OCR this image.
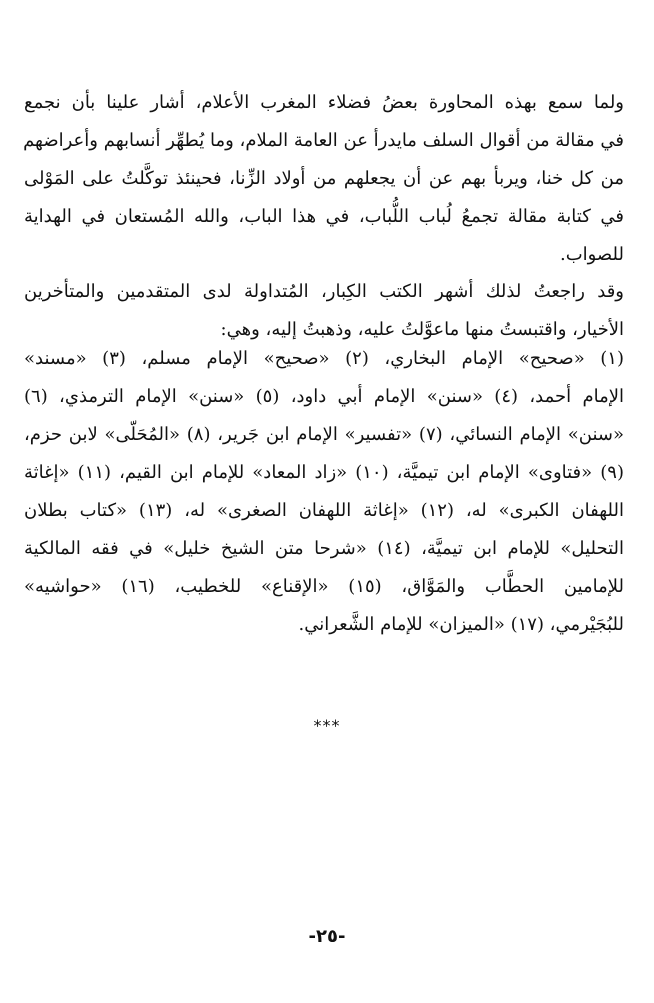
ولما سمع بهذه المحاورة بعضُ فضلاء المغرب الأعلام، أشار علينا بأن نجمع
في مقالة من أقوال السلف مايدرأ عن العامة الملام، وما يُطهِّر أنسابهم وأعراضهم
من كل خنا، ويربأ بهم عن أن يجعلهم من أولاد الزِّنا، فحينئذ توكَّلتُ على المَوْلى
في كتابة مقالة تجمعُ لُباب اللُّباب، في هذا الباب، والله المُستعان في الهداية
للصواب.
وقد راجعتُ لذلك أشهر الكتب الكِبار، المُتداولة لدى المتقدمين والمتأخرين
الأخيار، واقتبستُ منها ماعوَّلتُ عليه، وذهبتُ إليه، وهي:
(١) «صحيح» الإمام البخاري، (٢) «صحيح» الإمام مسلم، (٣) «مسند»
الإمام أحمد، (٤) «سنن» الإمام أبي داود، (٥) «سنن» الإمام الترمذي، (٦)
«سنن» الإمام النسائي، (٧) «تفسير» الإمام ابن جَرير، (٨) «المُحَلّى» لابن حزم،
(٩) «فتاوى» الإمام ابن تيميَّة، (١٠) «زاد المعاد» للإمام ابن القيم، (١١) «إغاثة
اللهفان الكبرى» له، (١٢) «إغاثة اللهفان الصغرى» له، (١٣) «كتاب بطلان
التحليل» للإمام ابن تيميَّة، (١٤) «شرحا متن الشيخ خليل» في فقه المالكية
للإمامين الحطَّاب والمَوَّاق، (١٥) «الإقناع» للخطيب، (١٦) «حواشيه»
للبُجَيْرمي، (١٧) «الميزان» للإمام الشَّعراني.
***
-٢٥-
